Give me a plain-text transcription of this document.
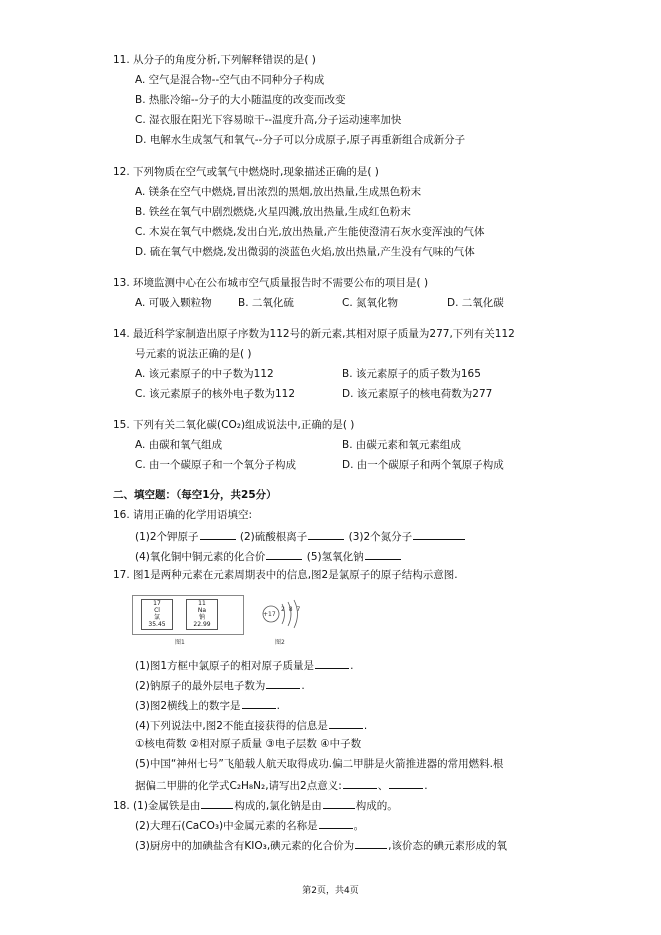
11. 从分子的角度分析,下列解释错误的是( )
A. 空气是混合物--空气由不同种分子构成
B. 热胀冷缩--分子的大小随温度的改变而改变
C. 湿衣服在阳光下容易晾干--温度升高,分子运动速率加快
D. 电解水生成氢气和氧气--分子可以分成原子,原子再重新组合成新分子
12. 下列物质在空气或氧气中燃烧时,现象描述正确的是( )
A. 镁条在空气中燃烧,冒出浓烈的黑烟,放出热量,生成黑色粉末
B. 铁丝在氧气中剧烈燃烧,火星四溅,放出热量,生成红色粉末
C. 木炭在氧气中燃烧,发出白光,放出热量,产生能使澄清石灰水变浑浊的气体
D. 硫在氧气中燃烧,发出微弱的淡蓝色火焰,放出热量,产生没有气味的气体
13. 环境监测中心在公布城市空气质量报告时不需要公布的项目是( )
A. 可吸入颗粒物	B. 二氧化硫	C. 氮氧化物	D. 二氧化碳
14. 最近科学家制造出原子序数为112号的新元素,其相对原子质量为277,下列有关112
号元素的说法正确的是( )
A. 该元素原子的中子数为112	B. 该元素原子的质子数为165
C. 该元素原子的核外电子数为112	D. 该元素原子的核电荷数为277
15. 下列有关二氧化碳(CO₂)组成说法中,正确的是( )
A. 由碳和氧气组成	B. 由碳元素和氧元素组成
C. 由一个碳原子和一个氧分子构成	D. 由一个碳原子和两个氧原子构成
二、填空题：（每空1分，共25分）
16. 请用正确的化学用语填空:
(1)2个钾原子	(2)硫酸根离子	(3)2个氮分子
(4)氧化铜中铜元素的化合价	(5)氢氧化钠
17. 图1是两种元素在元素周期表中的信息,图2是氯原子的原子结构示意图.
17
Cl
氯
35.45
11
Na
钠
22.99
图1
+17
2 8 7
图2
(1)图1方框中氯原子的相对原子质量是	.
(2)钠原子的最外层电子数为	.
(3)图2横线上的数字是	.
(4)下列说法中,图2不能直接获得的信息是	.
①核电荷数 ②相对原子质量 ③电子层数 ④中子数
(5)中国“神州七号”飞船载人航天取得成功.偏二甲肼是火箭推进器的常用燃料.根
据偏二甲肼的化学式C₂H₈N₂,请写出2点意义:	、	.
18. (1)金属铁是由	构成的,氯化钠是由	构成的。
(2)大理石(CaCO₃)中金属元素的名称是	。
(3)厨房中的加碘盐含有KIO₃,碘元素的化合价为	,该价态的碘元素形成的氧
第2页，共4页
